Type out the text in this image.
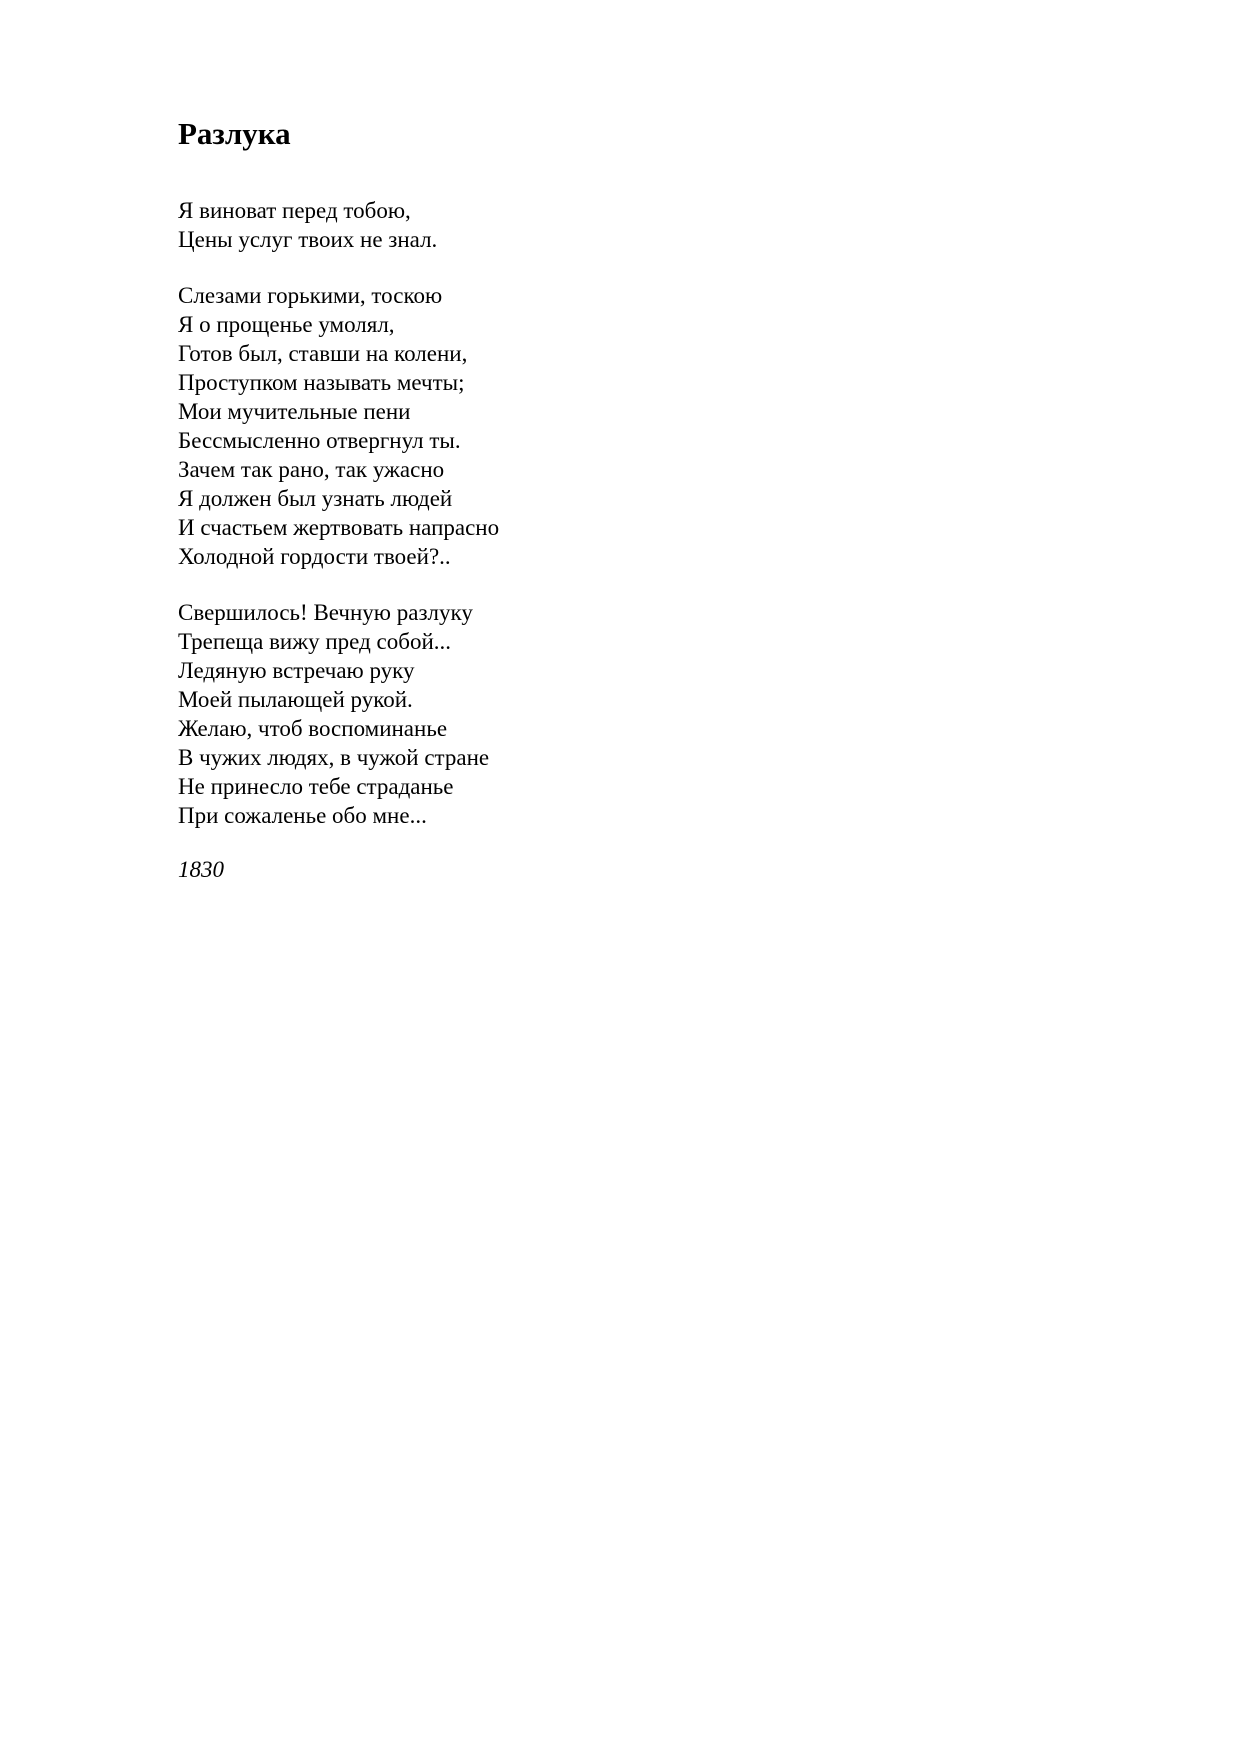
Разлука

Я виноват перед тобою,
Цены услуг твоих не знал.

Слезами горькими, тоскою
Я о прощенье умолял,
Готов был, ставши на колени,
Проступком называть мечты;
Мои мучительные пени
Бессмысленно отвергнул ты.
Зачем так рано, так ужасно
Я должен был узнать людей
И счастьем жертвовать напрасно
Холодной гордости твоей?..

Свершилось! Вечную разлуку
Трепеща вижу пред собой...
Ледяную встречаю руку
Моей пылающей рукой.
Желаю, чтоб воспоминанье
В чужих людях, в чужой стране
Не принесло тебе страданье
При сожаленье обо мне...

1830
